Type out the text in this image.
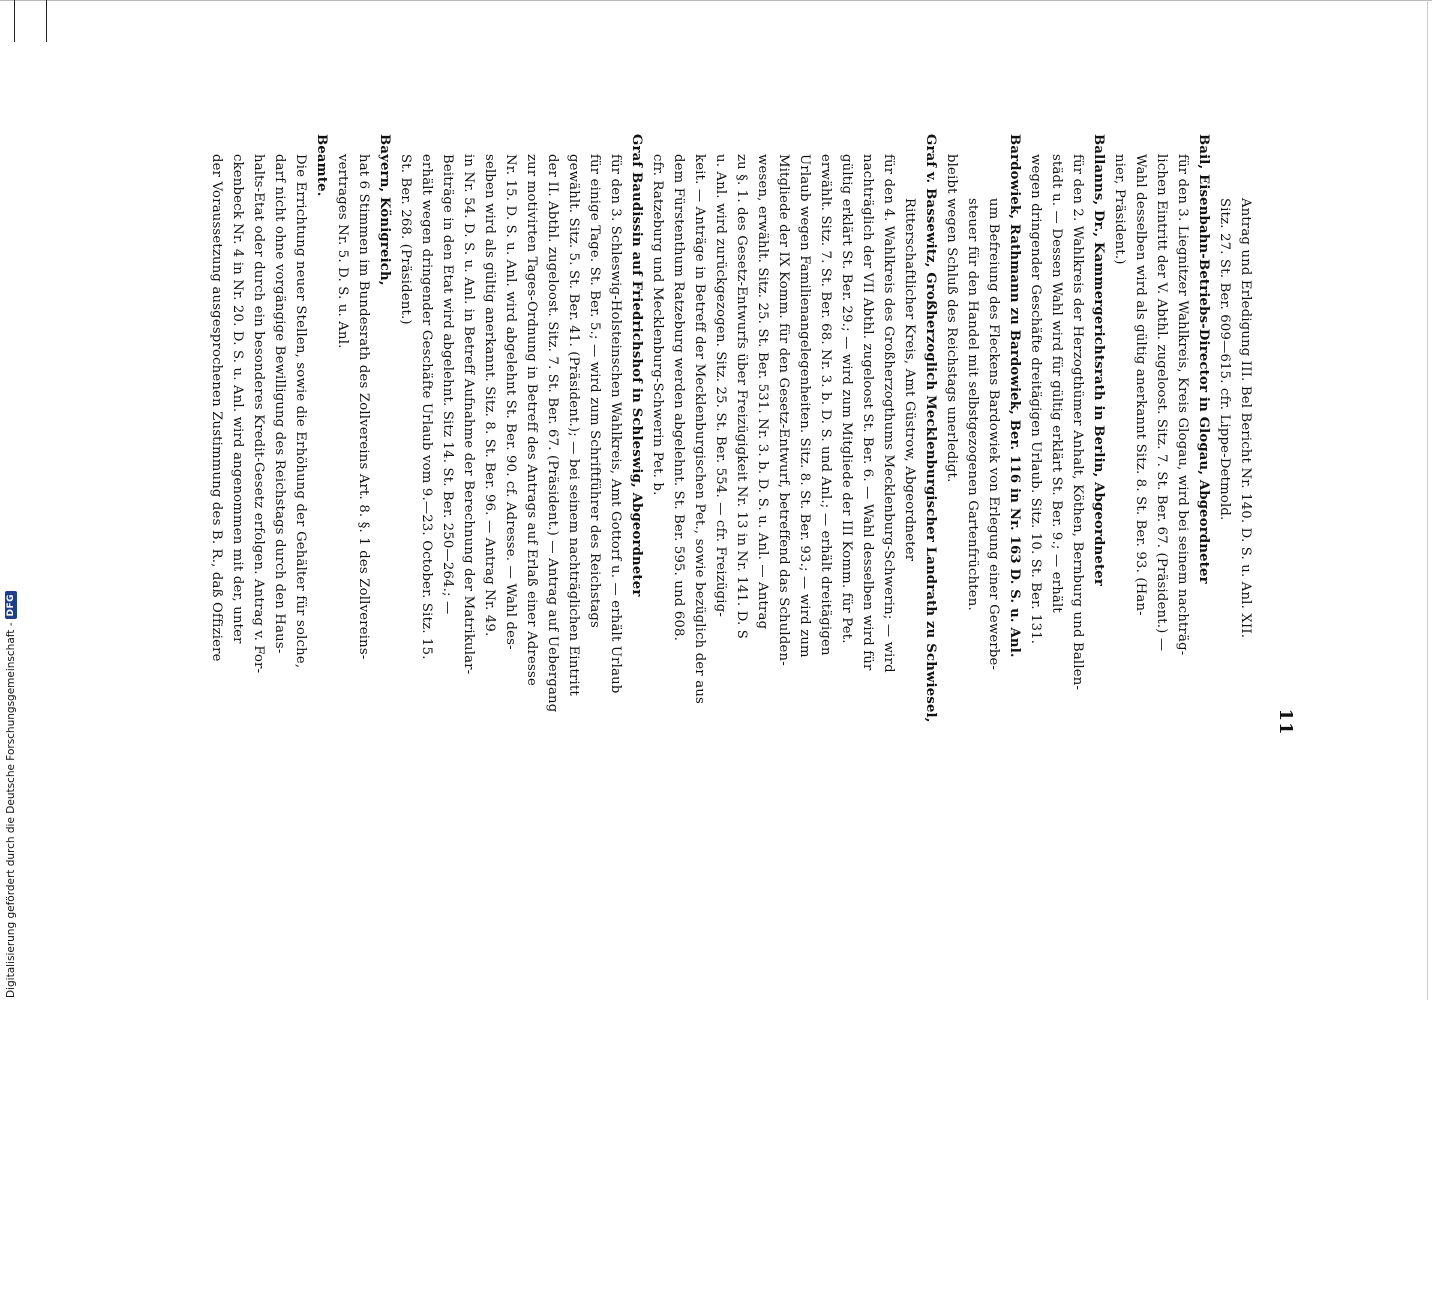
11
Antrag und Erledigung III. Bel Bericht Nr. 140. D. S. u. Anl. XII.
Sitz. 27. St. Ber. 609—615. cfr. Lippe-Detmold.
Bail, Eisenbahn-Betriebs-Director in Glogau, Abgeordneter
für den 3. Liegnitzer Wahlkreis, Kreis Glogau, wird bei seinem nachträg-
lichen Eintritt der V. Abthl. zugeloost. Sitz. 7. St. Ber. 67. (Präsident.) —
Wahl desselben wird als gültig anerkannt Sitz. 8. St. Ber. 93. (Han-
nier, Präsident.)
Ballanns, Dr., Kammergerichtsrath in Berlin, Abgeordneter
für den 2. Wahlkreis der Herzogthümer Anhalt, Köthen, Bernburg und Ballen-
städt u. — Dessen Wahl wird für gültig erklärt St. Ber. 9.; — erhält
wegen dringender Geschäfte dreitägigen Urlaub. Sitz. 10. St. Ber. 131.
Bardowiek, Rathmann zu Bardowiek, Ber. 116 in Nr. 163 D. S. u. Anl.
um Befreiung des Fleckens Bardowiek von Erlegung einer Gewerbe-
steuer für den Handel mit selbstgezogenen Gartenfrüchten.
bleibt wegen Schluß des Reichstags unerledigt.
Graf v. Bassewitz, Großherzoglich Mecklenburgischer Landrath zu Schwiesel,
Ritterschaftlicher Kreis, Amt Güstrow, Abgeordneter
für den 4. Wahlkreis des Großherzogthums Mecklenburg-Schwerin; — wird
nachträglich der VII Abthl. zugeloost St. Ber. 6. — Wahl desselben wird für
gültig erklärt St. Ber. 29.; — wird zum Mitgliede der III Komm. für Pet.
erwählt. Sitz. 7. St. Ber. 68. Nr. 3. b. D. S. und Anl.; — erhält dreitägigen
Urlaub wegen Familienangelegenheiten. Sitz. 8. St. Ber. 93.; — wird zum
Mitgliede der IX Komm. für den Gesetz-Entwurf, betreffend das Schulden-
wesen, erwählt. Sitz. 25. St. Ber. 531. Nr. 3. b. D. S. u. Anl. — Antrag
zu §. 1. des Gesetz-Entwurfs über Freizügigkeit Nr. 13 in Nr. 141. D. S
u. Anl. wird zurückgezogen. Sitz. 25. St. Ber. 554. — cfr. Freizügig-
keit. — Anträge in Betreff der Mecklenburgischen Pet., sowie bezüglich der aus
dem Fürstenthum Ratzeburg werden abgelehnt. St. Ber. 595. und 608.
cfr. Ratzeburg und Mecklenburg-Schwerin Pet. b.
Graf Baudissin auf Friedrichshof in Schleswig, Abgeordneter
für den 3. Schleswig-Holsteinschen Wahlkreis, Amt Gottorf u. — erhält Urlaub
für einige Tage. St. Ber. 5.; — wird zum Schriftführer des Reichstags
gewählt. Sitz. 5. St. Ber. 41. (Präsident.); — bei seinem nachträglichen Eintritt
der II. Abthl. zugeloost. Sitz. 7. St. Ber. 67. (Präsident.) — Antrag auf Uebergang
zur motivirten Tages-Ordnung in Betreff des Antrags auf Erlaß einer Adresse
Nr. 15. D. S. u. Anl. wird abgelehnt St. Ber. 90. cf. Adresse. — Wahl des-
selben wird als gültig anerkannt. Sitz. 8. St. Ber. 96. — Antrag Nr. 49.
in Nr. 54. D. S. u. Anl. in Betreff Aufnahme der Berechnung der Matrikular-
Beiträge in den Etat wird abgelehnt. Sitz 14. St. Ber. 250—264.; —
erhält wegen dringender Geschäfte Urlaub vom 9.—23. October. Sitz. 15.
St. Ber. 268. (Präsident.)
Bayern, Königreich,
hat 6 Stimmen im Bundesrath des Zollvereins Art. 8. §. 1 des Zollvereins-
vertrages Nr. 5. D. S. u. Anl.
Beamte.
Die Errichtung neuer Stellen, sowie die Erhöhung der Gehälter für solche,
darf nicht ohne vorgängige Bewilligung des Reichstags durch den Haus-
halts-Etat oder durch ein besonderes Kredit-Gesetz erfolgen. Antrag v. For-
ckenbeck Nr. 4 in Nr. 20. D. S. u. Anl. wird angenommen mit der, unter
der Voraussetzung ausgesprochenen Zustimmung des B. R., daß Offiziere
Digitalisierung gefördert durch die Deutsche Forschungsgemeinschaft -
DFG
